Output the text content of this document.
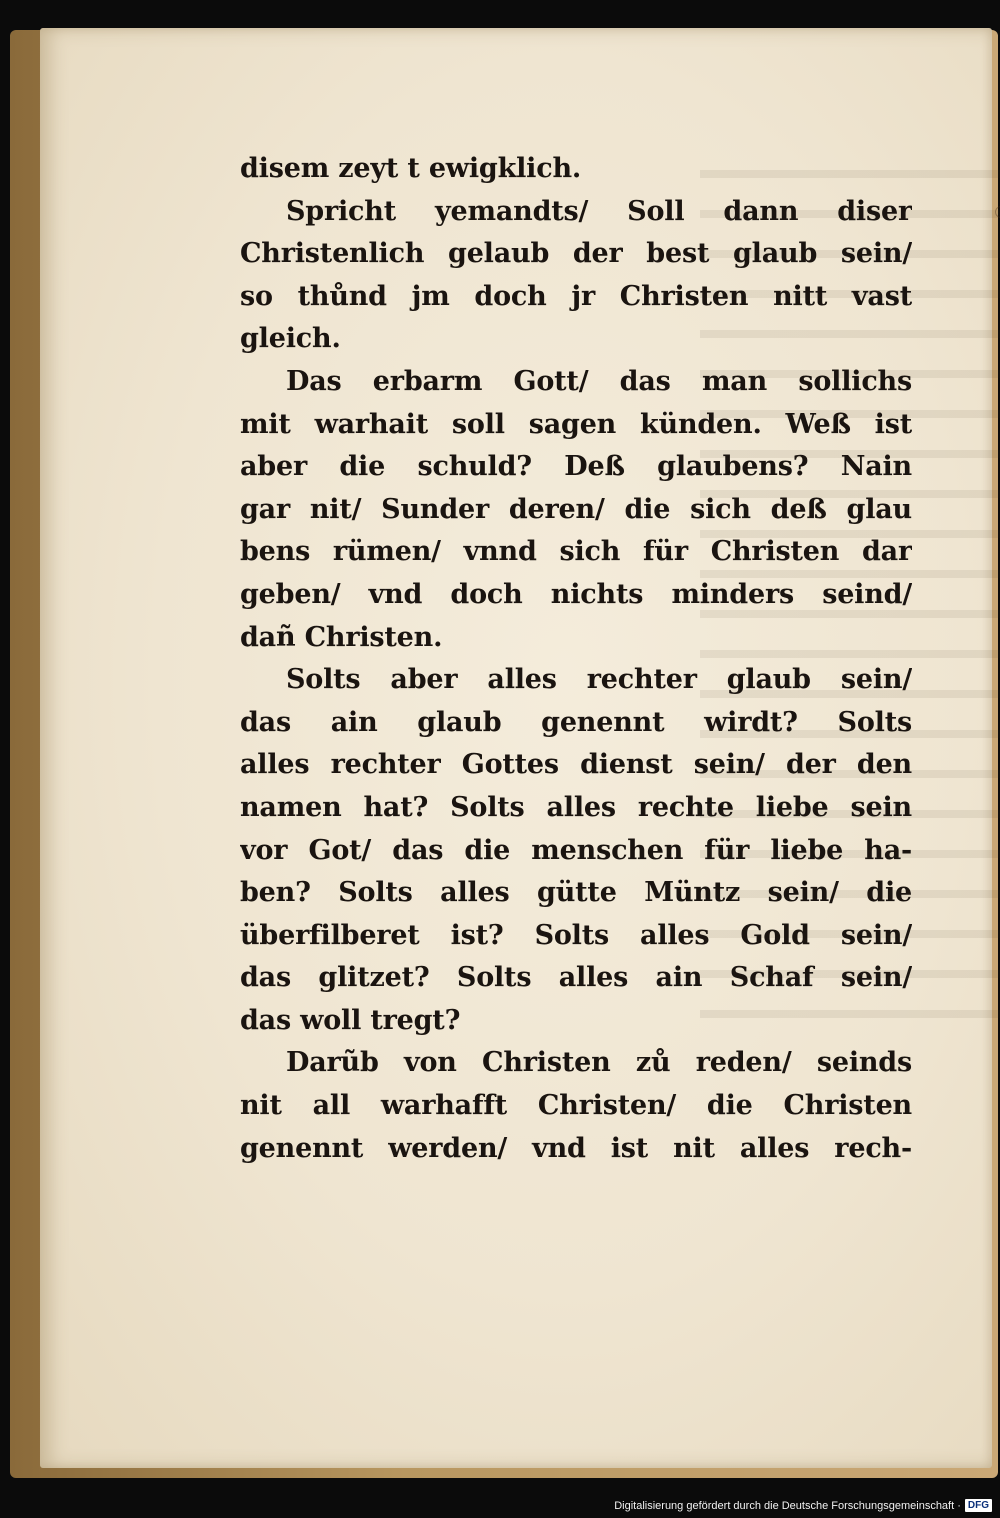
disem zeyt t ewigklich.
Spricht yemandts/ Soll dann diser
Christenlich gelaub der best glaub sein/
so thůnd jm doch jr Christen nitt vast
gleich.
Das erbarm Gott/ das man sollichs
mit warhait soll sagen künden. Weß ist
aber die schuld? Deß glaubens? Nain
gar nit/ Sunder deren/ die sich deß glau
bens rümen/ vnnd sich für Christen dar
geben/ vnd doch nichts minders seind/
dañ Christen.
Solts aber alles rechter glaub sein/
das ain glaub genennt wirdt? Solts
alles rechter Gottes dienst sein/ der den
namen hat? Solts alles rechte liebe sein
vor Got/ das die menschen für liebe ha-
ben? Solts alles gütte Müntz sein/ die
überfilberet ist? Solts alles Gold sein/
das glitzet? Solts alles ain Schaf sein/
das woll tregt?
Darũb von Christen zů reden/ seinds
nit all warhafft Christen/ die Christen
genennt werden/ vnd ist nit alles rech-
Digitalisierung gefördert durch die Deutsche Forschungsgemeinschaft · DFG
